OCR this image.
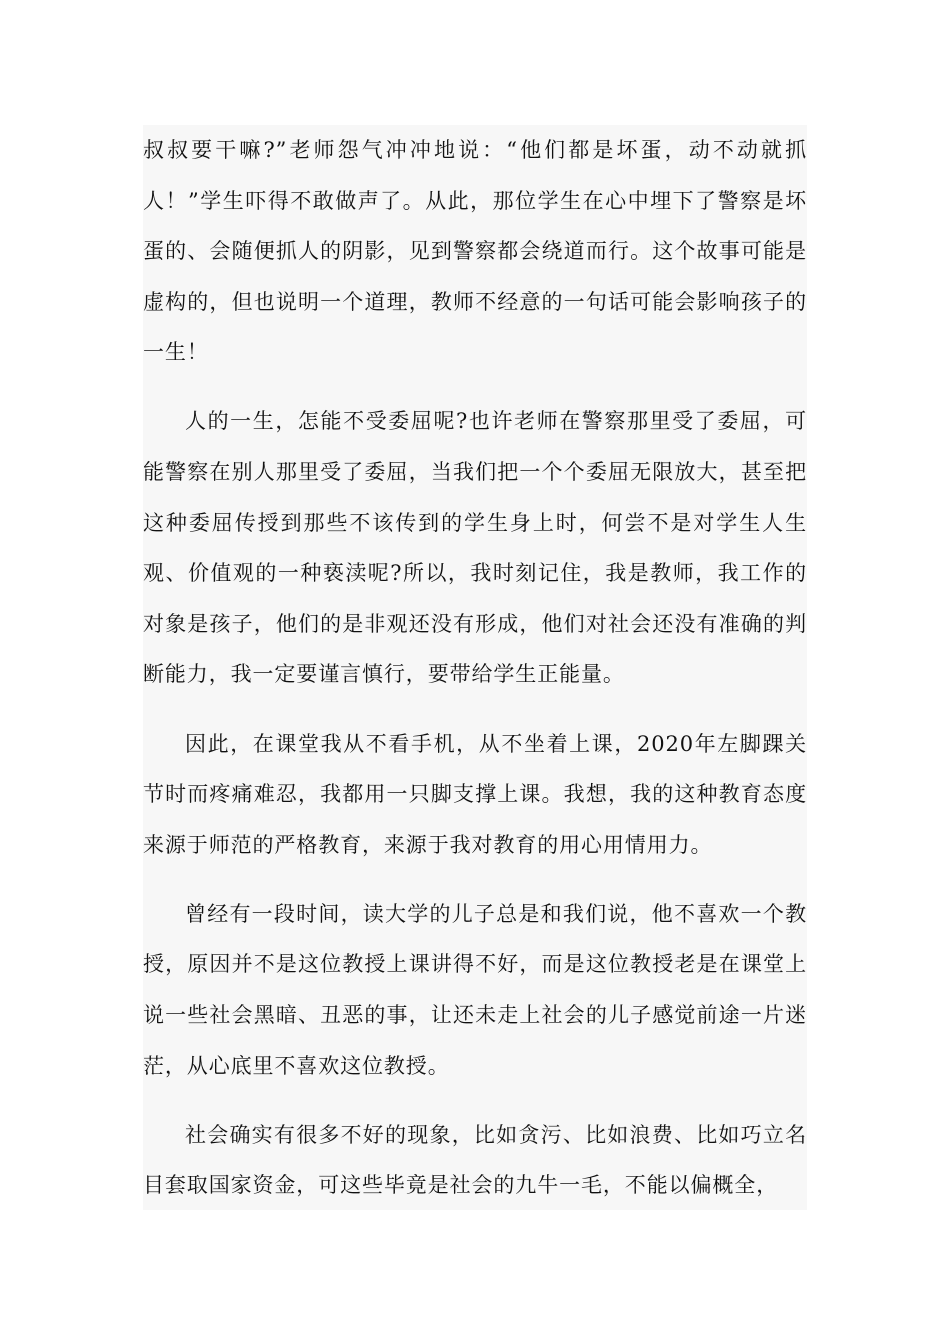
叔叔要干嘛?”老师怨气冲冲地说：“他们都是坏蛋，动不动就抓人！”学生吓得不敢做声了。从此，那位学生在心中埋下了警察是坏蛋的、会随便抓人的阴影，见到警察都会绕道而行。这个故事可能是虚构的，但也说明一个道理，教师不经意的一句话可能会影响孩子的一生！

人的一生，怎能不受委屈呢?也许老师在警察那里受了委屈，可能警察在别人那里受了委屈，当我们把一个个委屈无限放大，甚至把这种委屈传授到那些不该传到的学生身上时，何尝不是对学生人生观、价值观的一种亵渎呢?所以，我时刻记住，我是教师，我工作的对象是孩子，他们的是非观还没有形成，他们对社会还没有准确的判断能力，我一定要谨言慎行，要带给学生正能量。

因此，在课堂我从不看手机，从不坐着上课，2020年左脚踝关节时而疼痛难忍，我都用一只脚支撑上课。我想，我的这种教育态度来源于师范的严格教育，来源于我对教育的用心用情用力。

曾经有一段时间，读大学的儿子总是和我们说，他不喜欢一个教授，原因并不是这位教授上课讲得不好，而是这位教授老是在课堂上说一些社会黑暗、丑恶的事，让还未走上社会的儿子感觉前途一片迷茫，从心底里不喜欢这位教授。

社会确实有很多不好的现象，比如贪污、比如浪费、比如巧立名目套取国家资金，可这些毕竟是社会的九牛一毛，不能以偏概全，
